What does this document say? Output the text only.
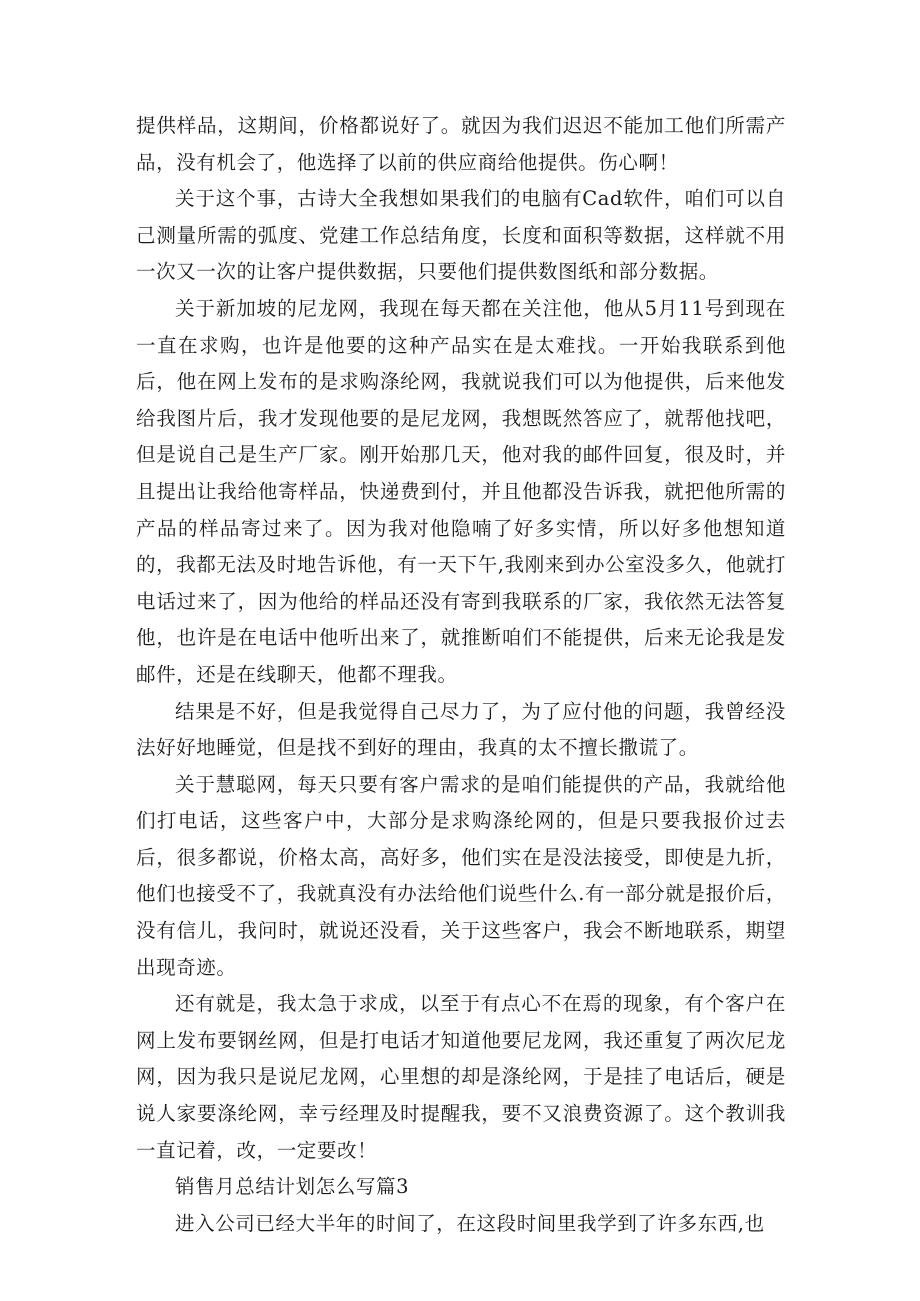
提供样品，这期间，价格都说好了。就因为我们迟迟不能加工他们所需产品，没有机会了，他选择了以前的供应商给他提供。伤心啊！

关于这个事，古诗大全我想如果我们的电脑有Cad软件，咱们可以自己测量所需的弧度、党建工作总结角度，长度和面积等数据，这样就不用一次又一次的让客户提供数据，只要他们提供数图纸和部分数据。

关于新加坡的尼龙网，我现在每天都在关注他，他从5月11号到现在一直在求购，也许是他要的这种产品实在是太难找。一开始我联系到他后，他在网上发布的是求购涤纶网，我就说我们可以为他提供，后来他发给我图片后，我才发现他要的是尼龙网，我想既然答应了，就帮他找吧，但是说自己是生产厂家。刚开始那几天，他对我的邮件回复，很及时，并且提出让我给他寄样品，快递费到付，并且他都没告诉我，就把他所需的产品的样品寄过来了。因为我对他隐喃了好多实情，所以好多他想知道的，我都无法及时地告诉他，有一天下午,我刚来到办公室没多久，他就打电话过来了，因为他给的样品还没有寄到我联系的厂家，我依然无法答复他，也许是在电话中他听出来了，就推断咱们不能提供，后来无论我是发邮件，还是在线聊天，他都不理我。

结果是不好，但是我觉得自己尽力了，为了应付他的问题，我曾经没法好好地睡觉，但是找不到好的理由，我真的太不擅长撒谎了。

关于慧聪网，每天只要有客户需求的是咱们能提供的产品，我就给他们打电话，这些客户中，大部分是求购涤纶网的，但是只要我报价过去后，很多都说，价格太高，高好多，他们实在是没法接受，即使是九折，他们也接受不了，我就真没有办法给他们说些什么.有一部分就是报价后，没有信儿，我问时，就说还没看，关于这些客户，我会不断地联系，期望出现奇迹。

还有就是，我太急于求成，以至于有点心不在焉的现象，有个客户在网上发布要钢丝网，但是打电话才知道他要尼龙网，我还重复了两次尼龙网，因为我只是说尼龙网，心里想的却是涤纶网，于是挂了电话后，硬是说人家要涤纶网，幸亏经理及时提醒我，要不又浪费资源了。这个教训我一直记着，改，一定要改！

销售月总结计划怎么写篇3

进入公司已经大半年的时间了，在这段时间里我学到了许多东西,也
